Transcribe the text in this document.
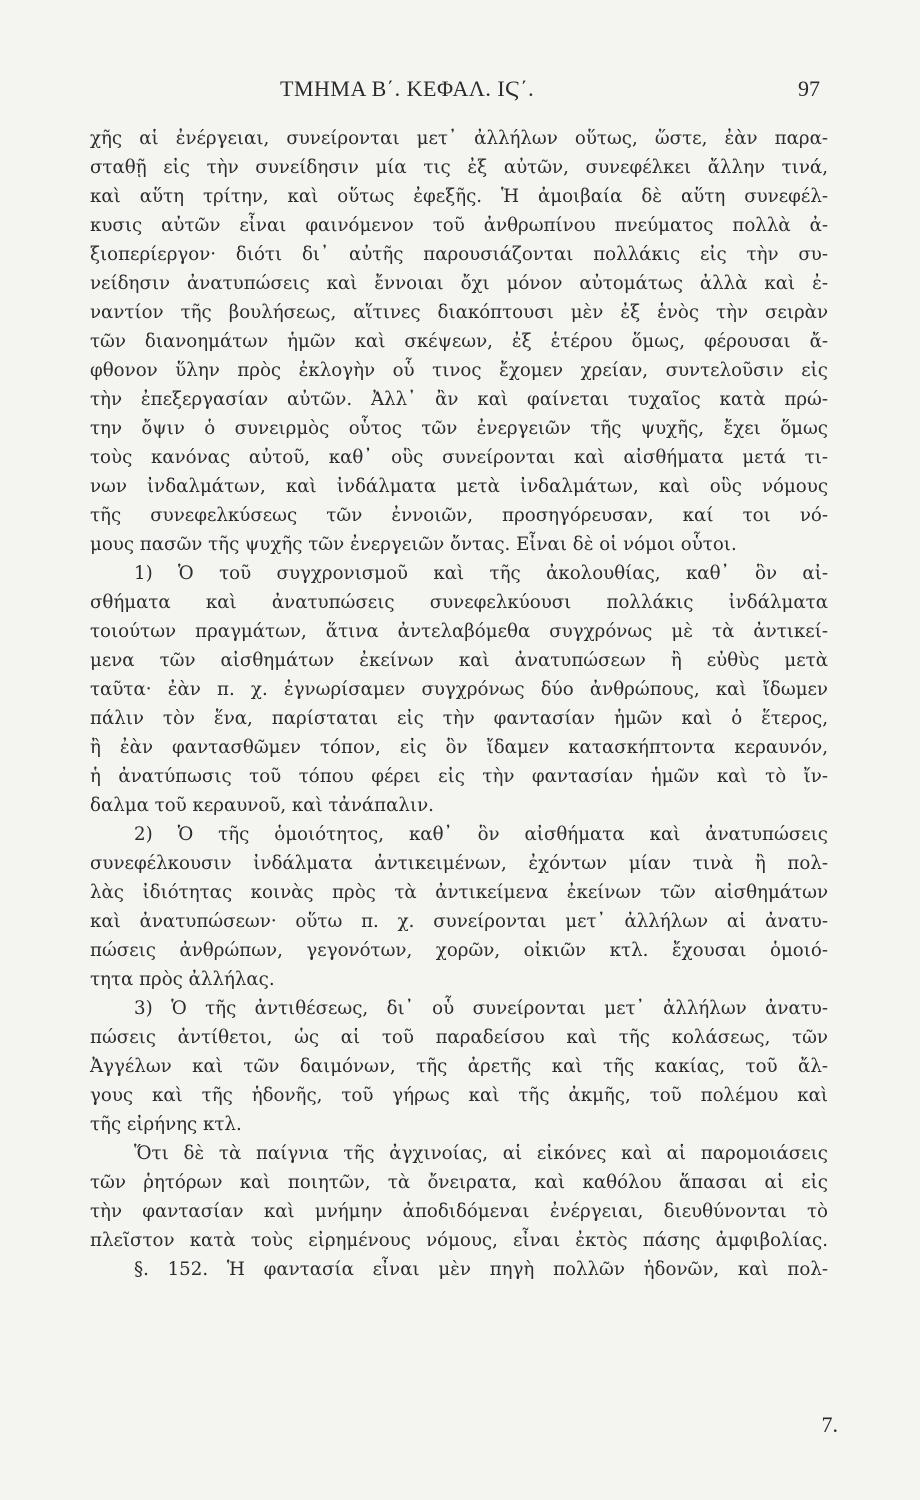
ΤΜΗΜΑ Β΄. ΚΕΦΑΛ. ΙϚ΄.	97
χῆς αἱ ἐνέργειαι, συνείρονται μετ᾽ ἀλλήλων οὕτως, ὥστε, ἐὰν παρα-
σταθῇ εἰς τὴν συνείδησιν μία τις ἐξ αὐτῶν, συνεφέλκει ἄλλην τινά,
καὶ αὕτη τρίτην, καὶ οὕτως ἐφεξῆς. Ἡ ἀμοιβαία δὲ αὕτη συνεφέλ-
κυσις αὐτῶν εἶναι φαινόμενον τοῦ ἀνθρωπίνου πνεύματος πολλὰ ἀ-
ξιοπερίεργον· διότι δι᾽ αὐτῆς παρουσιάζονται πολλάκις εἰς τὴν συ-
νείδησιν ἀνατυπώσεις καὶ ἔννοιαι ὄχι μόνον αὐτομάτως ἀλλὰ καὶ ἐ-
ναντίον τῆς βουλήσεως, αἵτινες διακόπτουσι μὲν ἐξ ἑνὸς τὴν σειρὰν
τῶν διανοημάτων ἡμῶν καὶ σκέψεων, ἐξ ἑτέρου ὅμως, φέρουσαι ἄ-
φθονον ὕλην πρὸς ἐκλογὴν οὗ τινος ἔχομεν χρείαν, συντελοῦσιν εἰς
τὴν ἐπεξεργασίαν αὐτῶν. Ἀλλ᾽ ἂν καὶ φαίνεται τυχαῖος κατὰ πρώ-
την ὄψιν ὁ συνειρμὸς οὗτος τῶν ἐνεργειῶν τῆς ψυχῆς, ἔχει ὅμως
τοὺς κανόνας αὐτοῦ, καθ᾽ οὓς συνείρονται καὶ αἰσθήματα μετά τι-
νων ἰνδαλμάτων, καὶ ἰνδάλματα μετὰ ἰνδαλμάτων, καὶ οὓς νόμους
τῆς συνεφελκύσεως τῶν ἐννοιῶν, προσηγόρευσαν, καί τοι νό-
μους πασῶν τῆς ψυχῆς τῶν ἐνεργειῶν ὄντας. Εἶναι δὲ οἱ νόμοι οὗτοι.
1) Ὁ τοῦ συγχρονισμοῦ καὶ τῆς ἀκολουθίας, καθ᾽ ὃν αἰ-
σθήματα καὶ ἀνατυπώσεις συνεφελκύουσι πολλάκις ἰνδάλματα
τοιούτων πραγμάτων, ἅτινα ἀντελαβόμεθα συγχρόνως μὲ τὰ ἀντικεί-
μενα τῶν αἰσθημάτων ἐκείνων καὶ ἀνατυπώσεων ἢ εὐθὺς μετὰ
ταῦτα· ἐὰν π. χ. ἐγνωρίσαμεν συγχρόνως δύο ἀνθρώπους, καὶ ἴδωμεν
πάλιν τὸν ἕνα, παρίσταται εἰς τὴν φαντασίαν ἡμῶν καὶ ὁ ἕτερος,
ἢ ἐὰν φαντασθῶμεν τόπον, εἰς ὃν ἴδαμεν κατασκήπτοντα κεραυνόν,
ἡ ἀνατύπωσις τοῦ τόπου φέρει εἰς τὴν φαντασίαν ἡμῶν καὶ τὸ ἴν-
δαλμα τοῦ κεραυνοῦ, καὶ τἀνάπαλιν.
2) Ὁ τῆς ὁμοιότητος, καθ᾽ ὃν αἰσθήματα καὶ ἀνατυπώσεις
συνεφέλκουσιν ἰνδάλματα ἀντικειμένων, ἐχόντων μίαν τινὰ ἢ πολ-
λὰς ἰδιότητας κοινὰς πρὸς τὰ ἀντικείμενα ἐκείνων τῶν αἰσθημάτων
καὶ ἀνατυπώσεων· οὕτω π. χ. συνείρονται μετ᾽ ἀλλήλων αἱ ἀνατυ-
πώσεις ἀνθρώπων, γεγονότων, χορῶν, οἰκιῶν κτλ. ἔχουσαι ὁμοιό-
τητα πρὸς ἀλλήλας.
3) Ὁ τῆς ἀντιθέσεως, δι᾽ οὗ συνείρονται μετ᾽ ἀλλήλων ἀνατυ-
πώσεις ἀντίθετοι, ὡς αἱ τοῦ παραδείσου καὶ τῆς κολάσεως, τῶν
Ἀγγέλων καὶ τῶν δαιμόνων, τῆς ἀρετῆς καὶ τῆς κακίας, τοῦ ἄλ-
γους καὶ τῆς ἡδονῆς, τοῦ γήρως καὶ τῆς ἀκμῆς, τοῦ πολέμου καὶ
τῆς εἰρήνης κτλ.
Ὅτι δὲ τὰ παίγνια τῆς ἀγχινοίας, αἱ εἰκόνες καὶ αἱ παρομοιάσεις
τῶν ῥητόρων καὶ ποιητῶν, τὰ ὄνειρατα, καὶ καθόλου ἅπασαι αἱ εἰς
τὴν φαντασίαν καὶ μνήμην ἀποδιδόμεναι ἐνέργειαι, διευθύνονται τὸ
πλεῖστον κατὰ τοὺς εἰρημένους νόμους, εἶναι ἐκτὸς πάσης ἀμφιβολίας.
§. 152. Ἡ φαντασία εἶναι μὲν πηγὴ πολλῶν ἡδονῶν, καὶ πολ-
7.
